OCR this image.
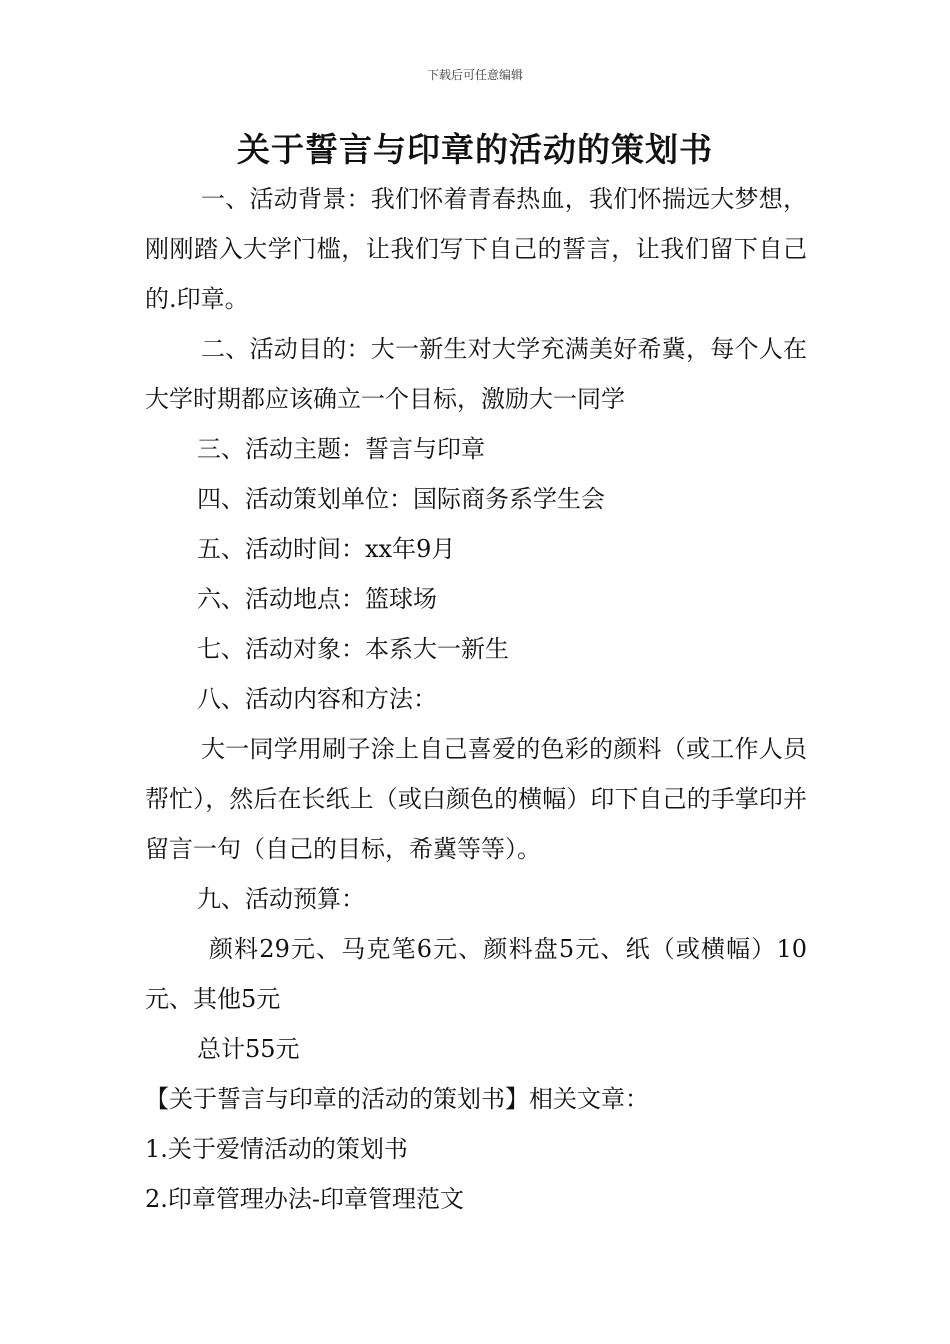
下载后可任意编辑
关于誓言与印章的活动的策划书

一、活动背景：我们怀着青春热血，我们怀揣远大梦想，刚刚踏入大学门槛，让我们写下自己的誓言，让我们留下自己的.印章。

二、活动目的：大一新生对大学充满美好希冀，每个人在大学时期都应该确立一个目标，激励大一同学

三、活动主题：誓言与印章

四、活动策划单位：国际商务系学生会

五、活动时间：xx年9月

六、活动地点：篮球场

七、活动对象：本系大一新生

八、活动内容和方法：

大一同学用刷子涂上自己喜爱的色彩的颜料（或工作人员帮忙），然后在长纸上（或白颜色的横幅）印下自己的手掌印并留言一句（自己的目标，希冀等等）。

九、活动预算：

颜料29元、马克笔6元、颜料盘5元、纸（或横幅）10元、其他5元

总计55元

【关于誓言与印章的活动的策划书】相关文章：

1.关于爱情活动的策划书

2.印章管理办法-印章管理范文
